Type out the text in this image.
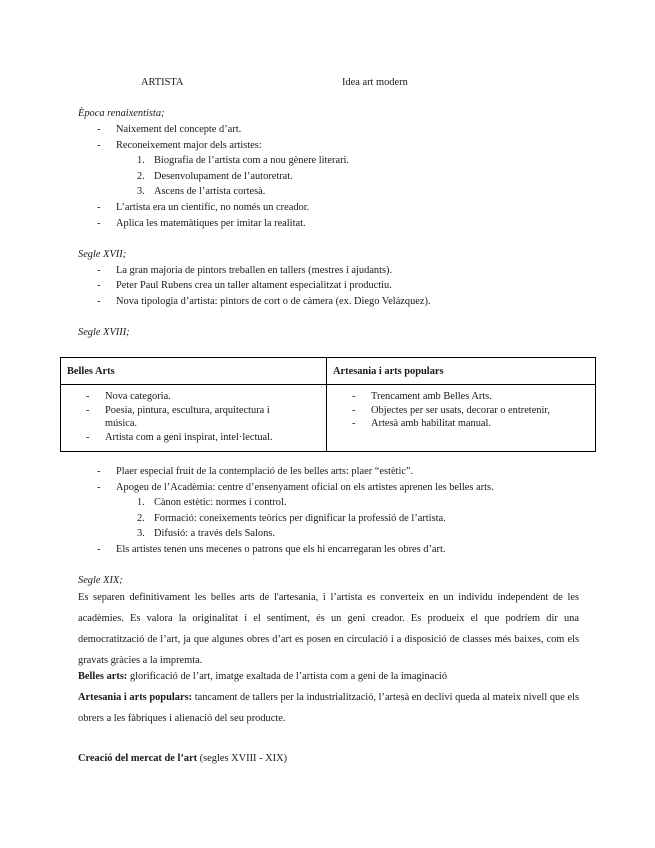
ARTISTA	Idea art modern
Època renaixentista;
- Naixement del concepte d’art.
- Reconeixement major dels artistes:
1. Biografia de l’artista com a nou gènere literari.
2. Desenvolupament de l’autoretrat.
3. Ascens de l’artista cortesà.
- L’artista era un científic, no només un creador.
- Aplica les matemàtiques per imitar la realitat.
Segle XVII;
- La gran majoria de pintors treballen en tallers (mestres i ajudants).
- Peter Paul Rubens crea un taller altament especialitzat i productiu.
- Nova tipologia d’artista: pintors de cort o de càmera (ex. Diego Velázquez).
Segle XVIII;
Belles Arts	Artesania i arts populars
- Nova categoria.
- Poesia, pintura, escultura, arquitectura i
música.
- Artista com a geni inspirat, intel·lectual.
- Trencament amb Belles Arts.
- Objectes per ser usats, decorar o entretenir,
- Artesà amb habilitat manual.
- Plaer especial fruit de la contemplació de les belles arts: plaer “estètic”.
- Apogeu de l’Acadèmia: centre d’ensenyament oficial on els artistes aprenen les belles arts.
1. Cànon estètic: normes i control.
2. Formació: coneixements teòrics per dignificar la professió de l’artista.
3. Difusió: a través dels Salons.
- Els artistes tenen uns mecenes o patrons que els hi encarregaran les obres d’art.
Segle XIX;
Es separen definitivament les belles arts de l'artesania, i l’artista es converteix en un individu independent de les acadèmies. Es valora la originalitat i el sentiment, és un geni creador. Es produeix el que podríem dir una democratització de l’art, ja que algunes obres d’art es posen en circulació i a disposició de classes més baixes, com els gravats gràcies a la impremta.
Belles arts: glorificació de l’art, imatge exaltada de l’artista com a geni de la imaginació
Artesania i arts populars: tancament de tallers per la industrialització, l’artesà en declivi queda al mateix nivell que els obrers a les fàbriques i alienació del seu producte.
Creació del mercat de l’art (segles XVIII - XIX)
